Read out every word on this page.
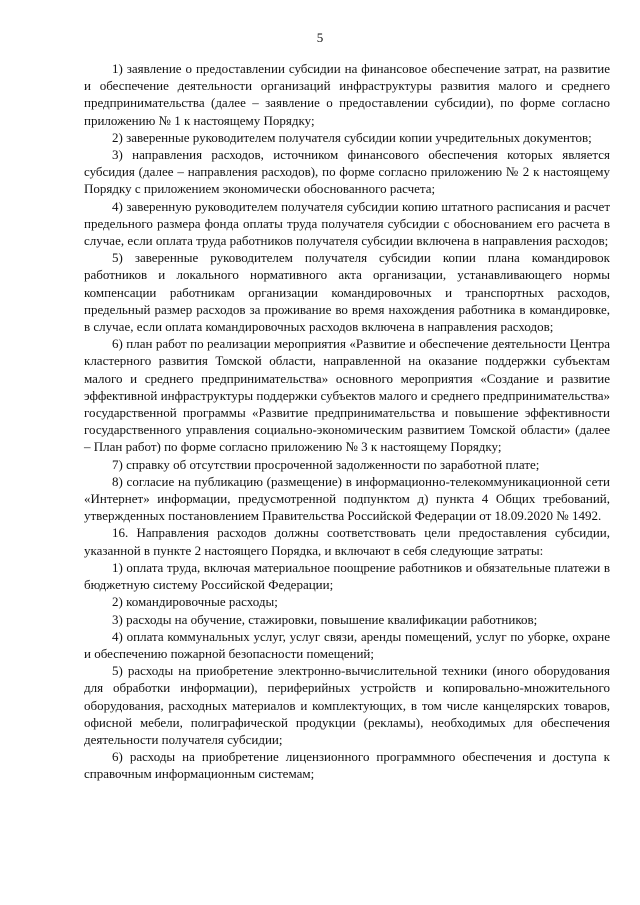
5

1) заявление о предоставлении субсидии на финансовое обеспечение затрат, на развитие и обеспечение деятельности организаций инфраструктуры развития малого и среднего предпринимательства (далее – заявление о предоставлении субсидии), по форме согласно приложению № 1 к настоящему Порядку;

2) заверенные руководителем получателя субсидии копии учредительных документов;

3) направления расходов, источником финансового обеспечения которых является субсидия (далее – направления расходов), по форме согласно приложению № 2 к настоящему Порядку с приложением экономически обоснованного расчета;

4) заверенную руководителем получателя субсидии копию штатного расписания и расчет предельного размера фонда оплаты труда получателя субсидии с обоснованием его расчета в случае, если оплата труда работников получателя субсидии включена в направления расходов;

5) заверенные руководителем получателя субсидии копии плана командировок работников и локального нормативного акта организации, устанавливающего нормы компенсации работникам организации командировочных и транспортных расходов, предельный размер расходов за проживание во время нахождения работника в командировке, в случае, если оплата командировочных расходов включена в направления расходов;

6) план работ по реализации мероприятия «Развитие и обеспечение деятельности Центра кластерного развития Томской области, направленной на оказание поддержки субъектам малого и среднего предпринимательства» основного мероприятия «Создание и развитие эффективной инфраструктуры поддержки субъектов малого и среднего предпринимательства» государственной программы «Развитие предпринимательства и повышение эффективности государственного управления социально-экономическим развитием Томской области» (далее – План работ) по форме согласно приложению № 3 к настоящему Порядку;

7) справку об отсутствии просроченной задолженности по заработной плате;

8) согласие на публикацию (размещение) в информационно-телекоммуникационной сети «Интернет» информации, предусмотренной подпунктом д) пункта 4 Общих требований, утвержденных постановлением Правительства Российской Федерации от 18.09.2020 № 1492.

16. Направления расходов должны соответствовать цели предоставления субсидии, указанной в пункте 2 настоящего Порядка, и включают в себя следующие затраты:

1) оплата труда, включая материальное поощрение работников и обязательные платежи в бюджетную систему Российской Федерации;

2) командировочные расходы;

3) расходы на обучение, стажировки, повышение квалификации работников;

4) оплата коммунальных услуг, услуг связи, аренды помещений, услуг по уборке, охране и обеспечению пожарной безопасности помещений;

5) расходы на приобретение электронно-вычислительной техники (иного оборудования для обработки информации), периферийных устройств и копировально-множительного оборудования, расходных материалов и комплектующих, в том числе канцелярских товаров, офисной мебели, полиграфической продукции (рекламы), необходимых для обеспечения деятельности получателя субсидии;

6) расходы на приобретение лицензионного программного обеспечения и доступа к справочным информационным системам;
